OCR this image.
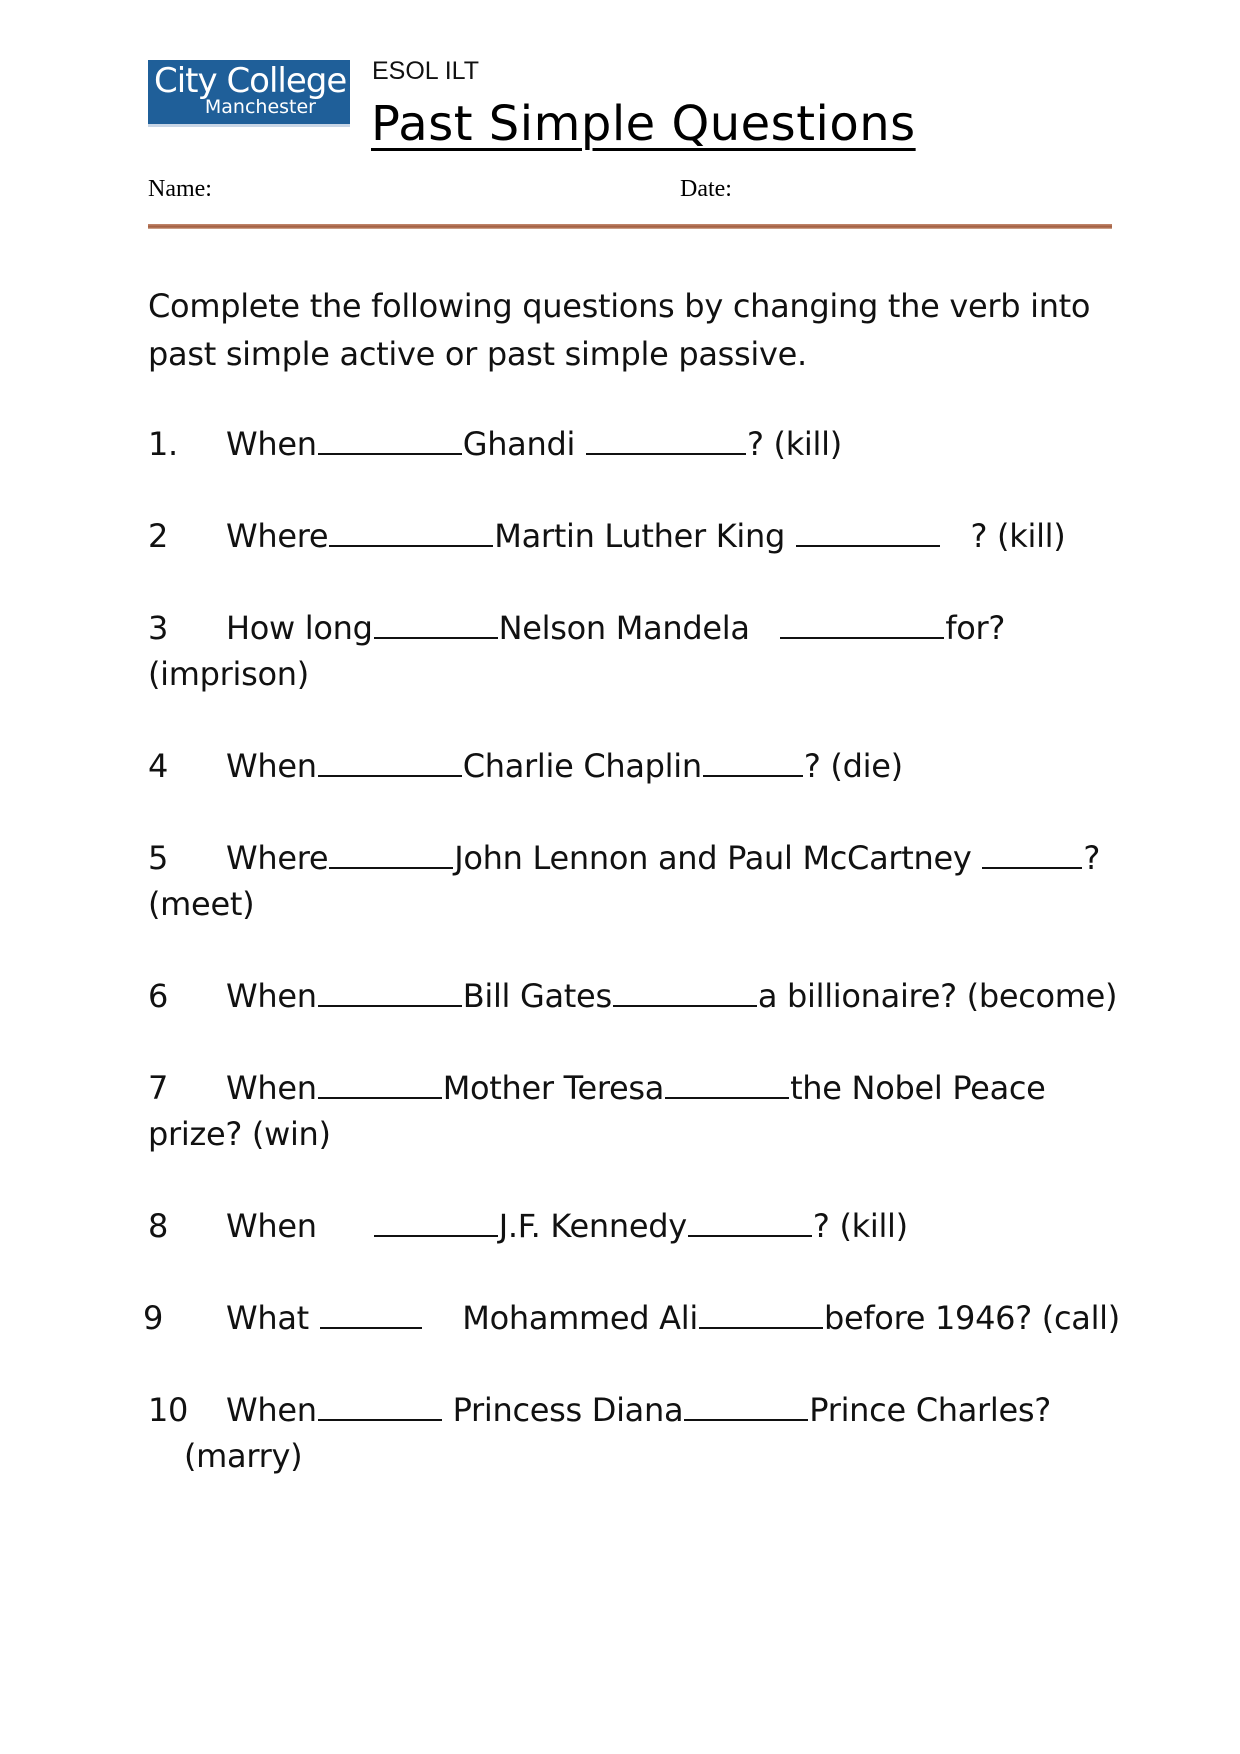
City College
Manchester
ESOL ILT
Past Simple Questions
Name:	Date:
Complete the following questions by changing the verb into past simple active or past simple passive.
1. When	Ghandi	? (kill)
2 Where	Martin Luther King	? (kill)
3 How long	Nelson Mandela	for?
(imprison)
4 When	Charlie Chaplin	? (die)
5 Where	John Lennon and Paul McCartney	?
(meet)
6 When	Bill Gates	a billionaire? (become)
7 When	Mother Teresa	the Nobel Peace
prize? (win)
8 When	J.F. Kennedy	? (kill)
9 What	Mohammed Ali	before 1946? (call)
10 When	Princess Diana	Prince Charles?
(marry)
